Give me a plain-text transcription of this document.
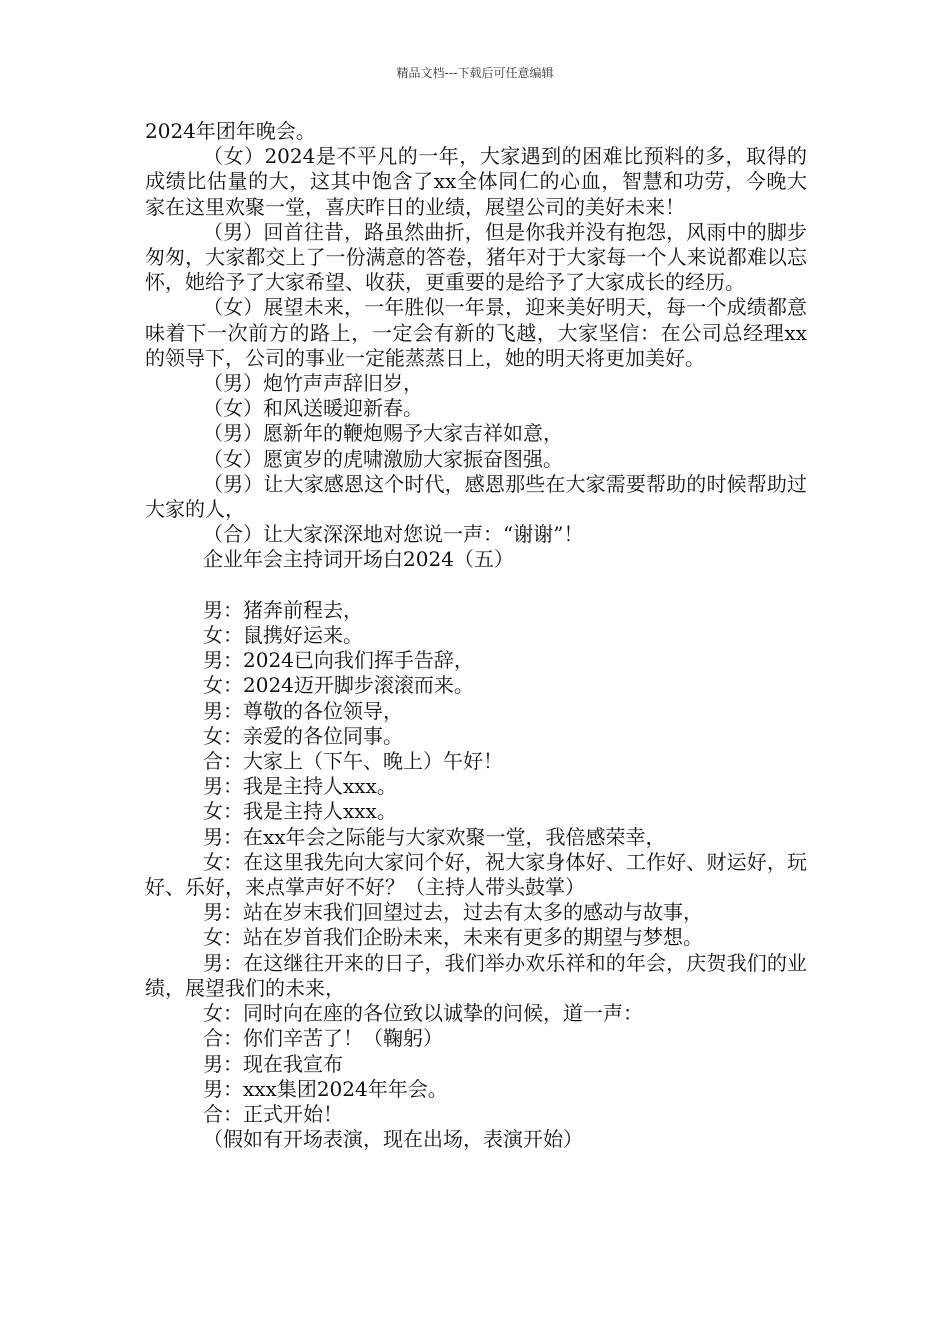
精品文档---下载后可任意编辑

2024年团年晚会。

（女）2024是不平凡的一年，大家遇到的困难比预料的多，取得的成绩比估量的大，这其中饱含了xx全体同仁的心血，智慧和功劳，今晚大家在这里欢聚一堂，喜庆昨日的业绩，展望公司的美好未来！

（男）回首往昔，路虽然曲折，但是你我并没有抱怨，风雨中的脚步匆匆，大家都交上了一份满意的答卷，猪年对于大家每一个人来说都难以忘怀，她给予了大家希望、收获，更重要的是给予了大家成长的经历。

（女）展望未来，一年胜似一年景，迎来美好明天，每一个成绩都意味着下一次前方的路上，一定会有新的飞越，大家坚信：在公司总经理xx的领导下，公司的事业一定能蒸蒸日上，她的明天将更加美好。

（男）炮竹声声辞旧岁，

（女）和风送暖迎新春。

（男）愿新年的鞭炮赐予大家吉祥如意，

（女）愿寅岁的虎啸激励大家振奋图强。

（男）让大家感恩这个时代，感恩那些在大家需要帮助的时候帮助过大家的人，

（合）让大家深深地对您说一声：“谢谢”！

企业年会主持词开场白2024（五）

男：猪奔前程去，

女：鼠携好运来。

男：2024已向我们挥手告辞，

女：2024迈开脚步滚滚而来。

男：尊敬的各位领导，

女：亲爱的各位同事。

合：大家上（下午、晚上）午好！

男：我是主持人xxx。

女：我是主持人xxx。

男：在xx年会之际能与大家欢聚一堂，我倍感荣幸，

女：在这里我先向大家问个好，祝大家身体好、工作好、财运好，玩好、乐好，来点掌声好不好？（主持人带头鼓掌）

男：站在岁末我们回望过去，过去有太多的感动与故事，

女：站在岁首我们企盼未来，未来有更多的期望与梦想。

男：在这继往开来的日子，我们举办欢乐祥和的年会，庆贺我们的业绩，展望我们的未来，

女：同时向在座的各位致以诚挚的问候，道一声：

合：你们辛苦了！（鞠躬）

男：现在我宣布

男：xxx集团2024年年会。

合：正式开始！

（假如有开场表演，现在出场，表演开始）
